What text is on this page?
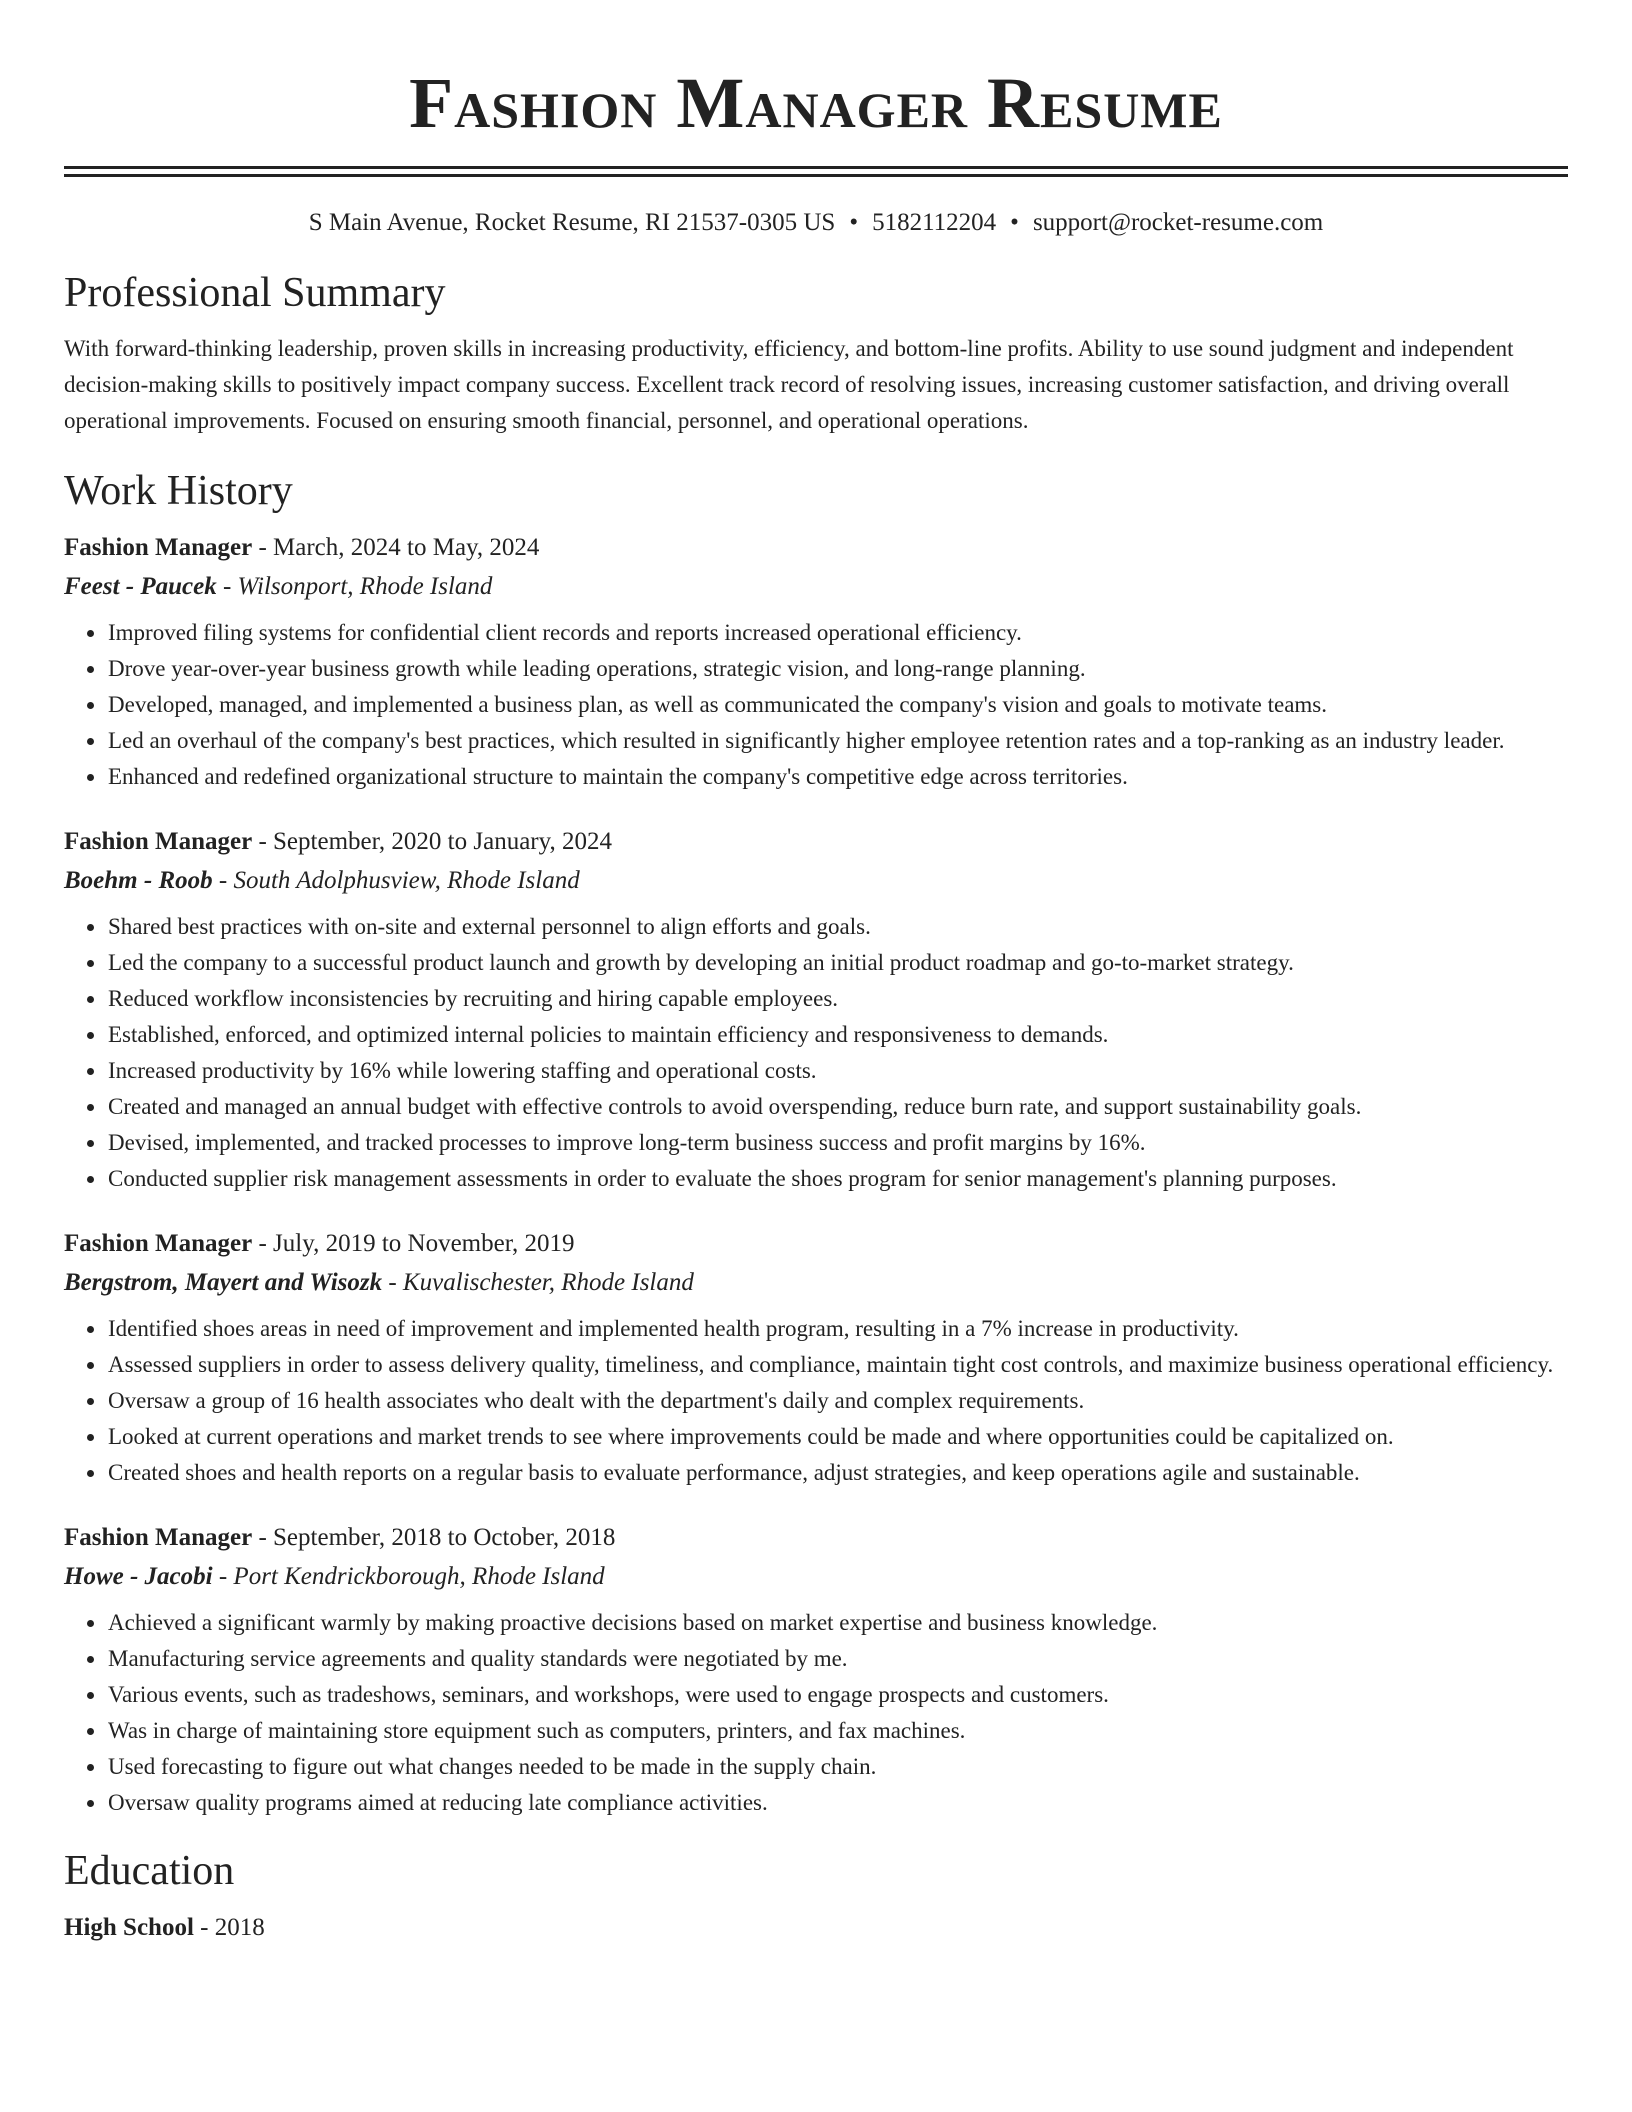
Fashion Manager Resume
S Main Avenue, Rocket Resume, RI 21537-0305 US • 5182112204 • support@rocket-resume.com
Professional Summary

With forward-thinking leadership, proven skills in increasing productivity, efficiency, and bottom-line profits. Ability to use sound judgment and independent decision-making skills to positively impact company success. Excellent track record of resolving issues, increasing customer satisfaction, and driving overall operational improvements. Focused on ensuring smooth financial, personnel, and operational operations.

Work History
Fashion Manager - March, 2024 to May, 2024
Feest - Paucek - Wilsonport, Rhode Island
• Improved filing systems for confidential client records and reports increased operational efficiency.
• Drove year-over-year business growth while leading operations, strategic vision, and long-range planning.
• Developed, managed, and implemented a business plan, as well as communicated the company's vision and goals to motivate teams.
• Led an overhaul of the company's best practices, which resulted in significantly higher employee retention rates and a top-ranking as an industry leader.
• Enhanced and redefined organizational structure to maintain the company's competitive edge across territories.
Fashion Manager - September, 2020 to January, 2024
Boehm - Roob - South Adolphusview, Rhode Island
• Shared best practices with on-site and external personnel to align efforts and goals.
• Led the company to a successful product launch and growth by developing an initial product roadmap and go-to-market strategy.
• Reduced workflow inconsistencies by recruiting and hiring capable employees.
• Established, enforced, and optimized internal policies to maintain efficiency and responsiveness to demands.
• Increased productivity by 16% while lowering staffing and operational costs.
• Created and managed an annual budget with effective controls to avoid overspending, reduce burn rate, and support sustainability goals.
• Devised, implemented, and tracked processes to improve long-term business success and profit margins by 16%.
• Conducted supplier risk management assessments in order to evaluate the shoes program for senior management's planning purposes.
Fashion Manager - July, 2019 to November, 2019
Bergstrom, Mayert and Wisozk - Kuvalischester, Rhode Island
• Identified shoes areas in need of improvement and implemented health program, resulting in a 7% increase in productivity.
• Assessed suppliers in order to assess delivery quality, timeliness, and compliance, maintain tight cost controls, and maximize business operational efficiency.
• Oversaw a group of 16 health associates who dealt with the department's daily and complex requirements.
• Looked at current operations and market trends to see where improvements could be made and where opportunities could be capitalized on.
• Created shoes and health reports on a regular basis to evaluate performance, adjust strategies, and keep operations agile and sustainable.
Fashion Manager - September, 2018 to October, 2018
Howe - Jacobi - Port Kendrickborough, Rhode Island
• Achieved a significant warmly by making proactive decisions based on market expertise and business knowledge.
• Manufacturing service agreements and quality standards were negotiated by me.
• Various events, such as tradeshows, seminars, and workshops, were used to engage prospects and customers.
• Was in charge of maintaining store equipment such as computers, printers, and fax machines.
• Used forecasting to figure out what changes needed to be made in the supply chain.
• Oversaw quality programs aimed at reducing late compliance activities.
Education
High School - 2018
